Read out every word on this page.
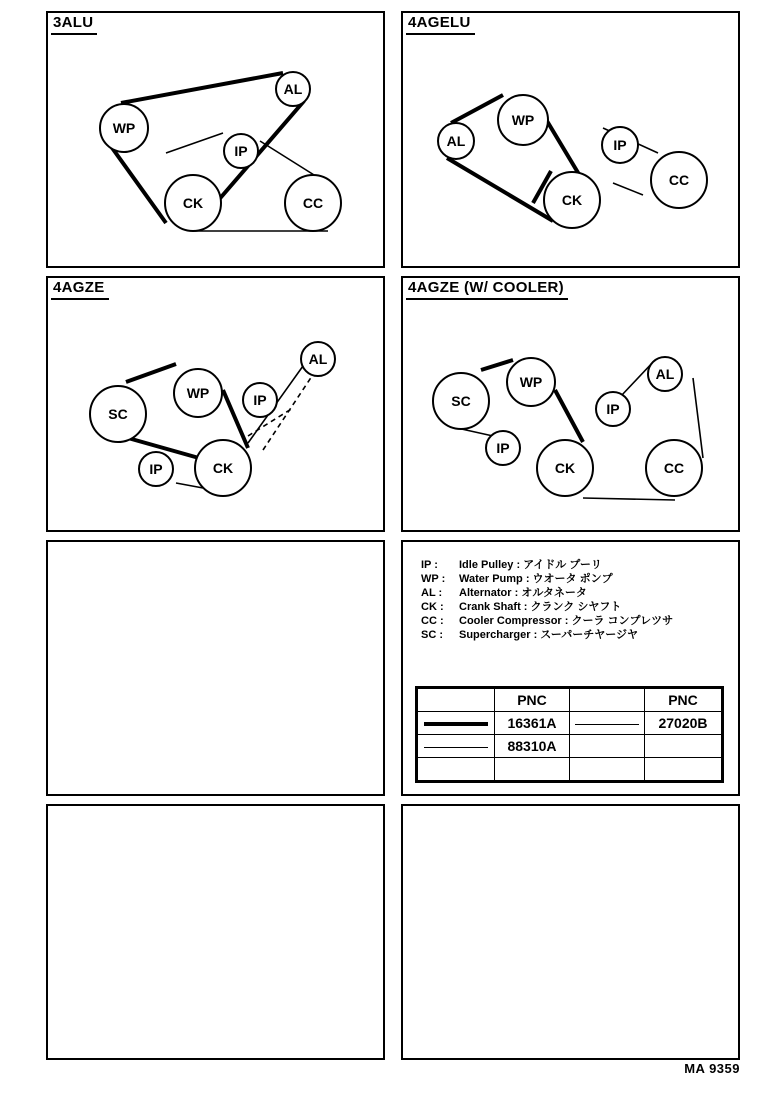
WP
AL
IP
CK	CC
3ALU
AL
WP
IP
CC
CK
4AGELU
SC
WP	IP
AL
IP	CK
4AGZE
SC
WP	AL
IP
IP
CK	CC
4AGZE (W/ COOLER)
IP :	Idle Pulley : アイドル プーリ
WP :	Water Pump : ウオータ ポンプ
AL :	Alternator : オルタネータ
CK :	Crank Shaft : クランク シヤフト
CC :	Cooler Compressor : クーラ コンプレツサ
SC :	Supercharger : スーパーチヤージヤ
	PNC		PNC
	16361A		27020B
	88310A		

MA 9359
